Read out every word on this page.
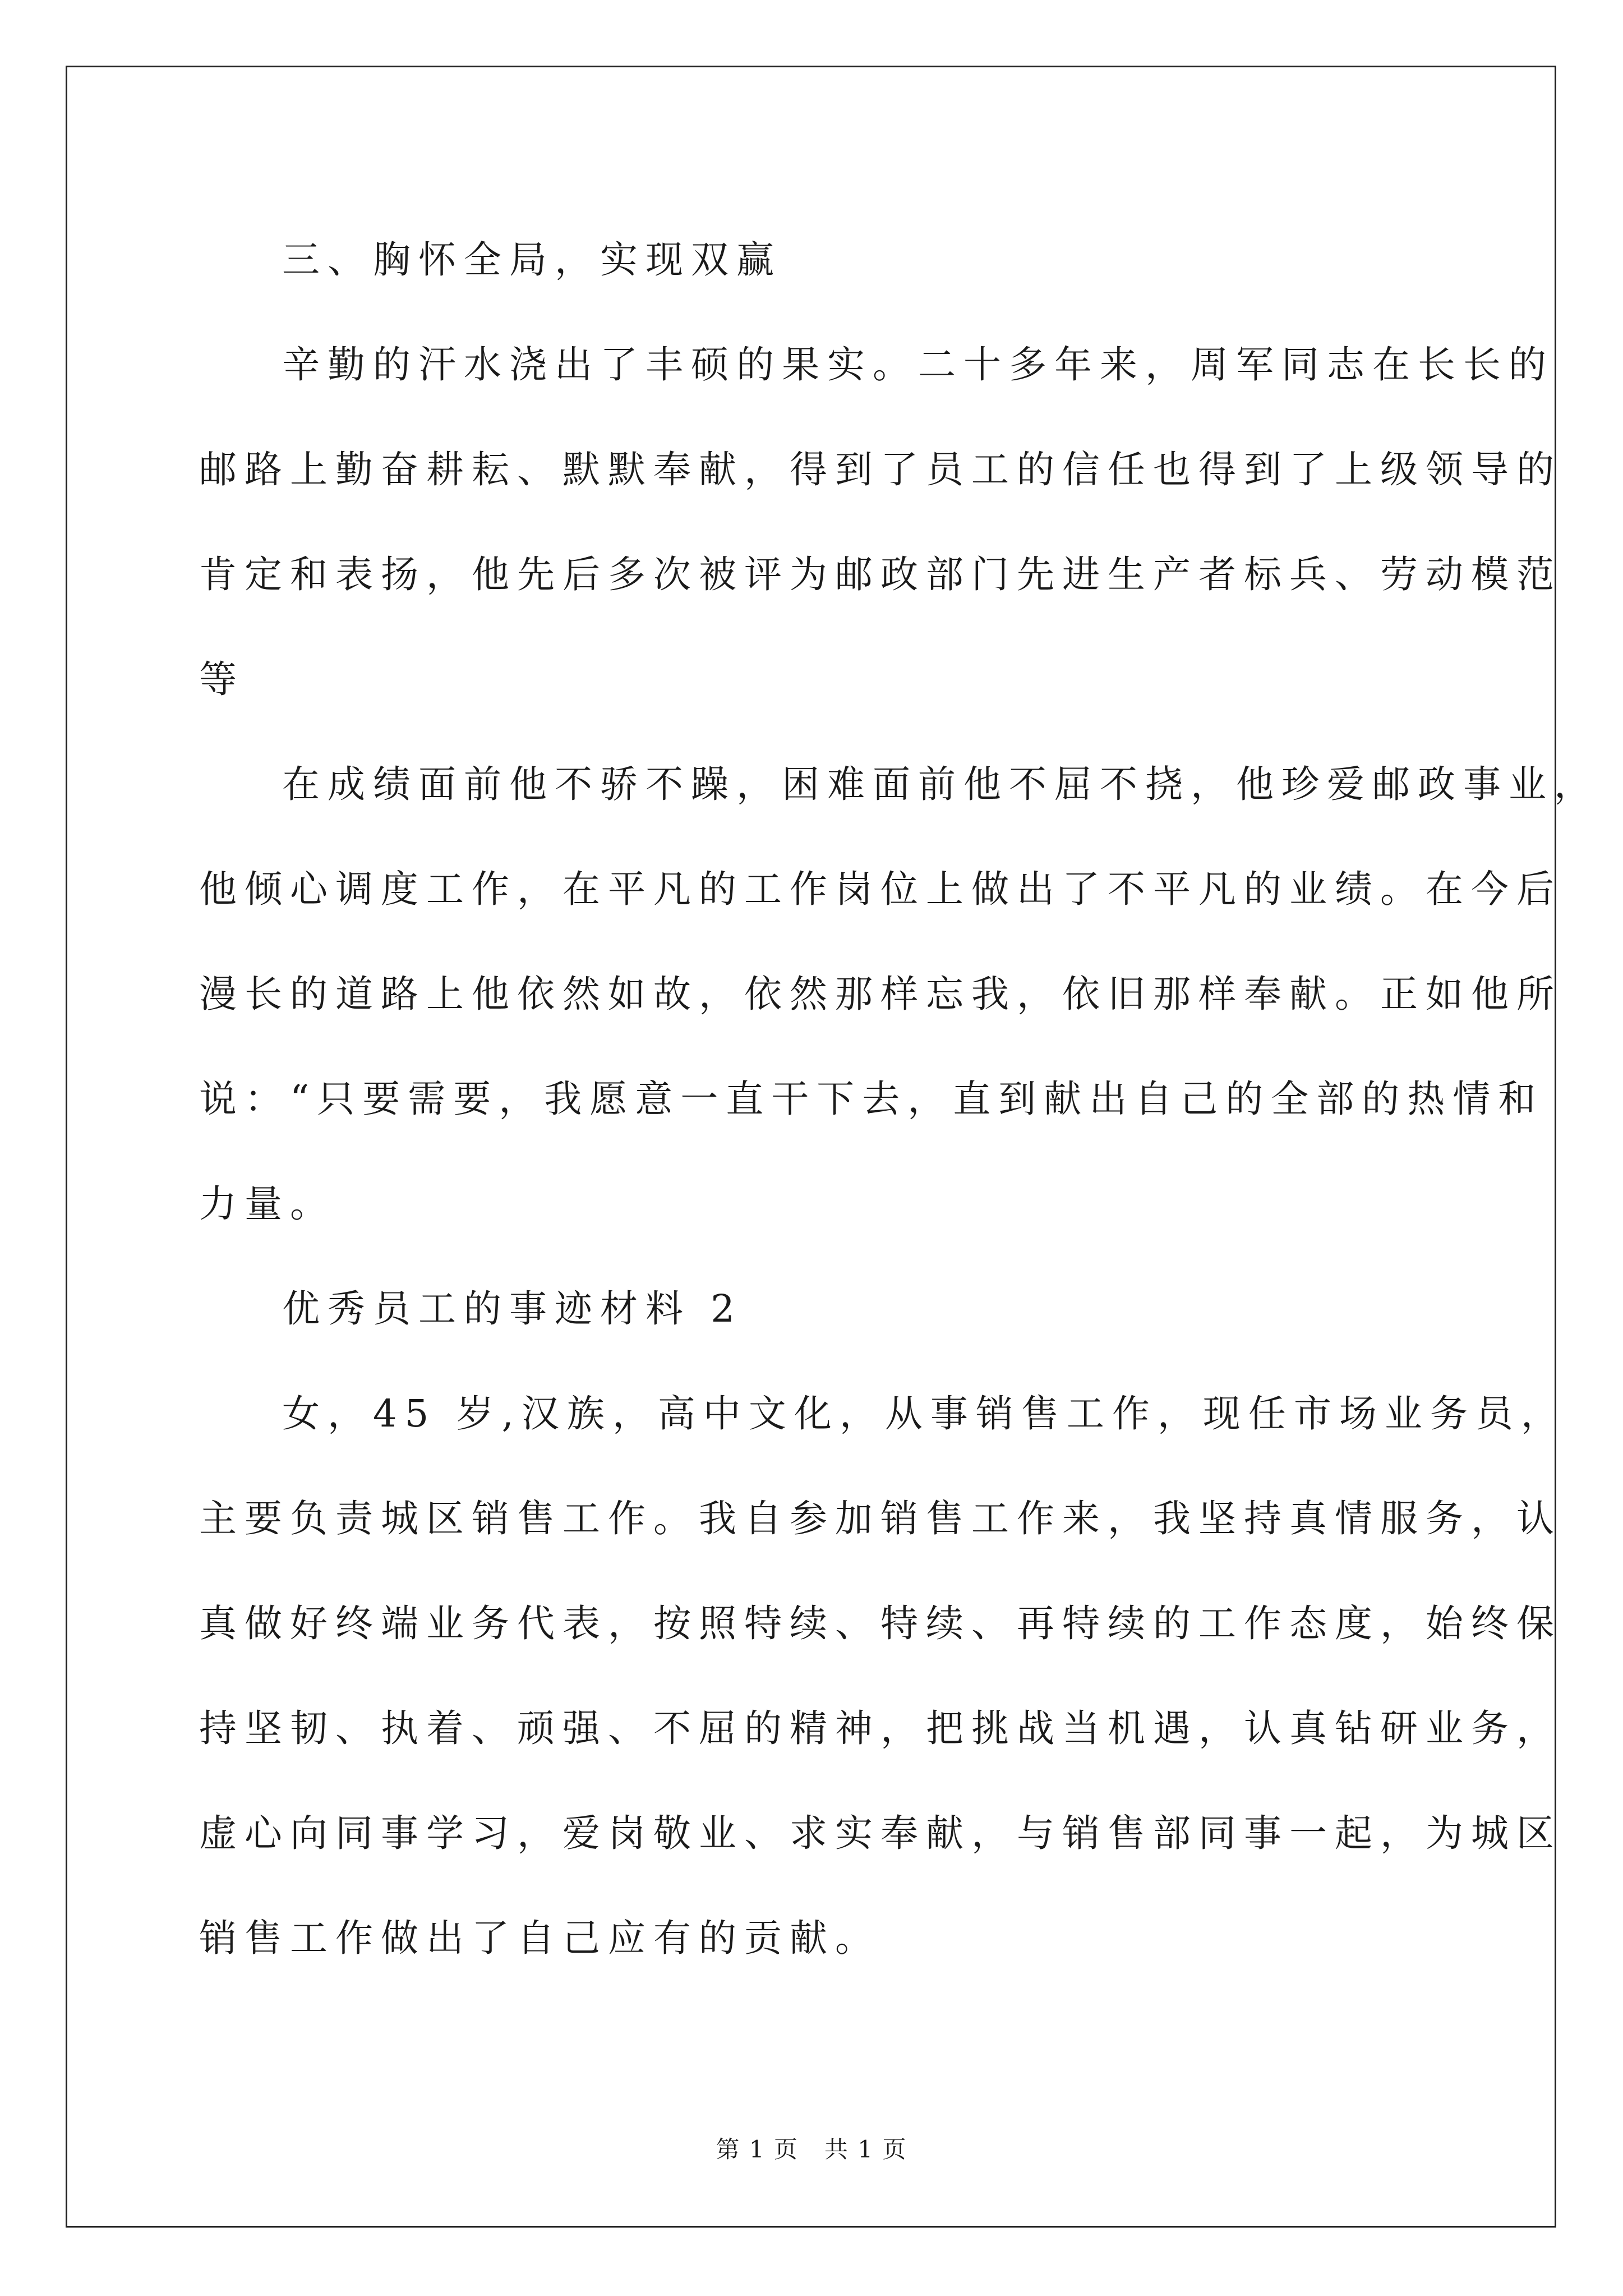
三、胸怀全局，实现双赢

辛勤的汗水浇出了丰硕的果实。二十多年来，周军同志在长长的

邮路上勤奋耕耘、默默奉献，得到了员工的信任也得到了上级领导的

肯定和表扬，他先后多次被评为邮政部门先进生产者标兵、劳动模范

等

在成绩面前他不骄不躁，困难面前他不屈不挠，他珍爱邮政事业，

他倾心调度工作，在平凡的工作岗位上做出了不平凡的业绩。在今后

漫长的道路上他依然如故，依然那样忘我，依旧那样奉献。正如他所

说：“只要需要，我愿意一直干下去，直到献出自己的全部的热情和

力量。

优秀员工的事迹材料 2

女，45 岁,汉族，高中文化，从事销售工作，现任市场业务员，

主要负责城区销售工作。我自参加销售工作来，我坚持真情服务，认

真做好终端业务代表，按照特续、特续、再特续的工作态度，始终保

持坚韧、执着、顽强、不屈的精神，把挑战当机遇，认真钻研业务，

虚心向同事学习，爱岗敬业、求实奉献，与销售部同事一起，为城区

销售工作做出了自己应有的贡献。

第 1 页   共 1 页
